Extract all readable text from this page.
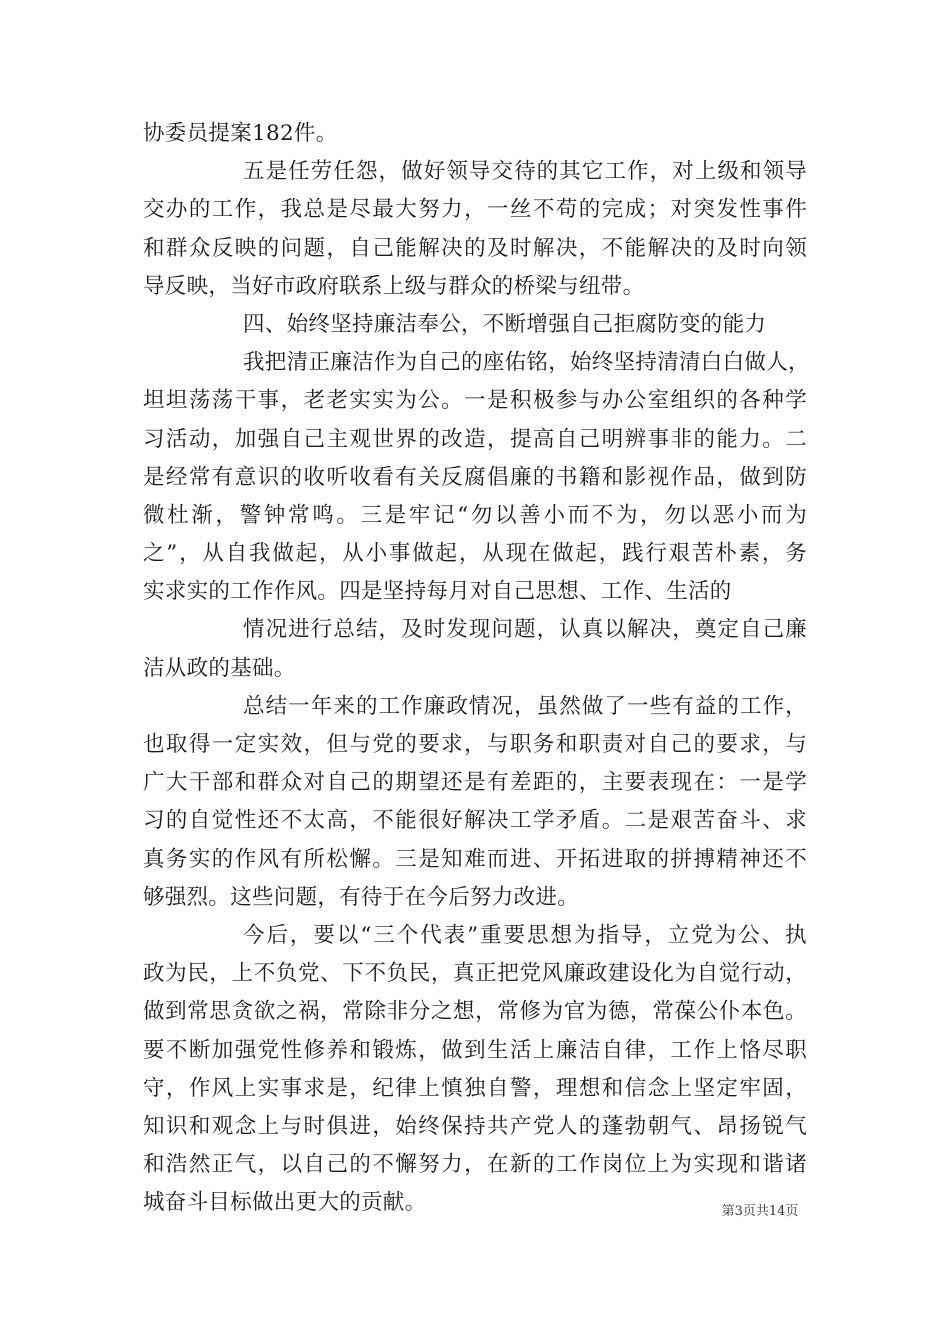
协委员提案182件。
五是任劳任怨，做好领导交待的其它工作，对上级和领导
交办的工作，我总是尽最大努力，一丝不苟的完成；对突发性事件
和群众反映的问题，自己能解决的及时解决，不能解决的及时向领
导反映，当好市政府联系上级与群众的桥梁与纽带。
四、始终坚持廉洁奉公，不断增强自己拒腐防变的能力
我把清正廉洁作为自己的座佑铭，始终坚持清清白白做人，
坦坦荡荡干事，老老实实为公。一是积极参与办公室组织的各种学
习活动，加强自己主观世界的改造，提高自己明辨事非的能力。二
是经常有意识的收听收看有关反腐倡廉的书籍和影视作品，做到防
微杜渐，警钟常鸣。三是牢记“勿以善小而不为，勿以恶小而为
之”，从自我做起，从小事做起，从现在做起，践行艰苦朴素，务
实求实的工作作风。四是坚持每月对自己思想、工作、生活的
情况进行总结，及时发现问题，认真以解决，奠定自己廉
洁从政的基础。
总结一年来的工作廉政情况，虽然做了一些有益的工作，
也取得一定实效，但与党的要求，与职务和职责对自己的要求，与
广大干部和群众对自己的期望还是有差距的，主要表现在：一是学
习的自觉性还不太高，不能很好解决工学矛盾。二是艰苦奋斗、求
真务实的作风有所松懈。三是知难而进、开拓进取的拼搏精神还不
够强烈。这些问题，有待于在今后努力改进。
今后，要以“三个代表”重要思想为指导，立党为公、执
政为民，上不负党、下不负民，真正把党风廉政建设化为自觉行动，
做到常思贪欲之祸，常除非分之想，常修为官为德，常葆公仆本色。
要不断加强党性修养和锻炼，做到生活上廉洁自律，工作上恪尽职
守，作风上实事求是，纪律上慎独自警，理想和信念上坚定牢固，
知识和观念上与时俱进，始终保持共产党人的蓬勃朝气、昂扬锐气
和浩然正气，以自己的不懈努力，在新的工作岗位上为实现和谐诸
城奋斗目标做出更大的贡献。	第3页共14页
